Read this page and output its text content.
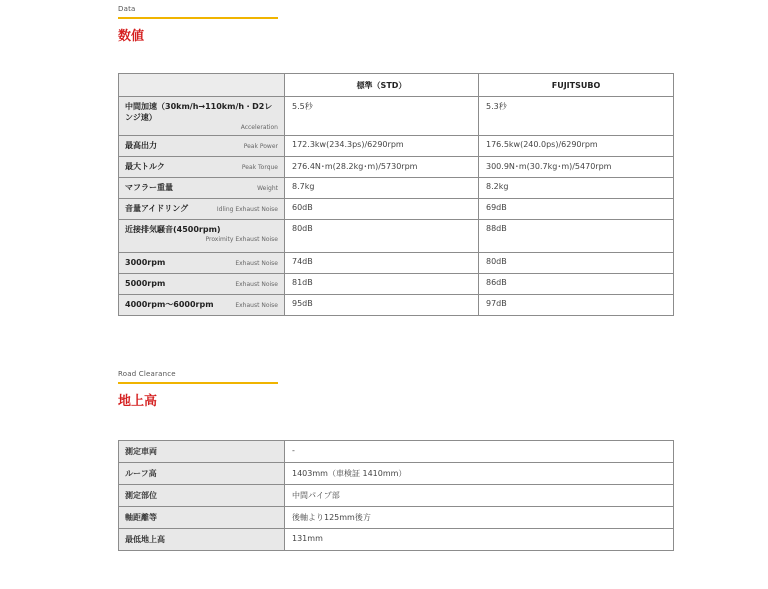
Data
数値
	標準（STD）	FUJITSUBO

中間加速（30km/h→110km/h・D2レンジ速）
Acceleration	5.5秒	5.3秒

最高出力 Peak Power	172.3kw(234.3ps)/6290rpm	176.5kw(240.0ps)/6290rpm

最大トルク Peak Torque	276.4N･m(28.2kg･m)/5730rpm	300.9N･m(30.7kg･m)/5470rpm

マフラー重量 Weight	8.7kg	8.2kg

音量アイドリング Idling Exhaust Noise	60dB	69dB

近接排気騒音(4500rpm)
Proximity Exhaust Noise	80dB	88dB

3000rpm Exhaust Noise	74dB	80dB

5000rpm Exhaust Noise	81dB	86dB

4000rpm〜6000rpm Exhaust Noise	95dB	97dB
Road Clearance
地上高
測定車両	-
ルーフ高	1403mm（車検証 1410mm）
測定部位	中間パイプ部
軸距離等	後軸より125mm後方
最低地上高	131mm
